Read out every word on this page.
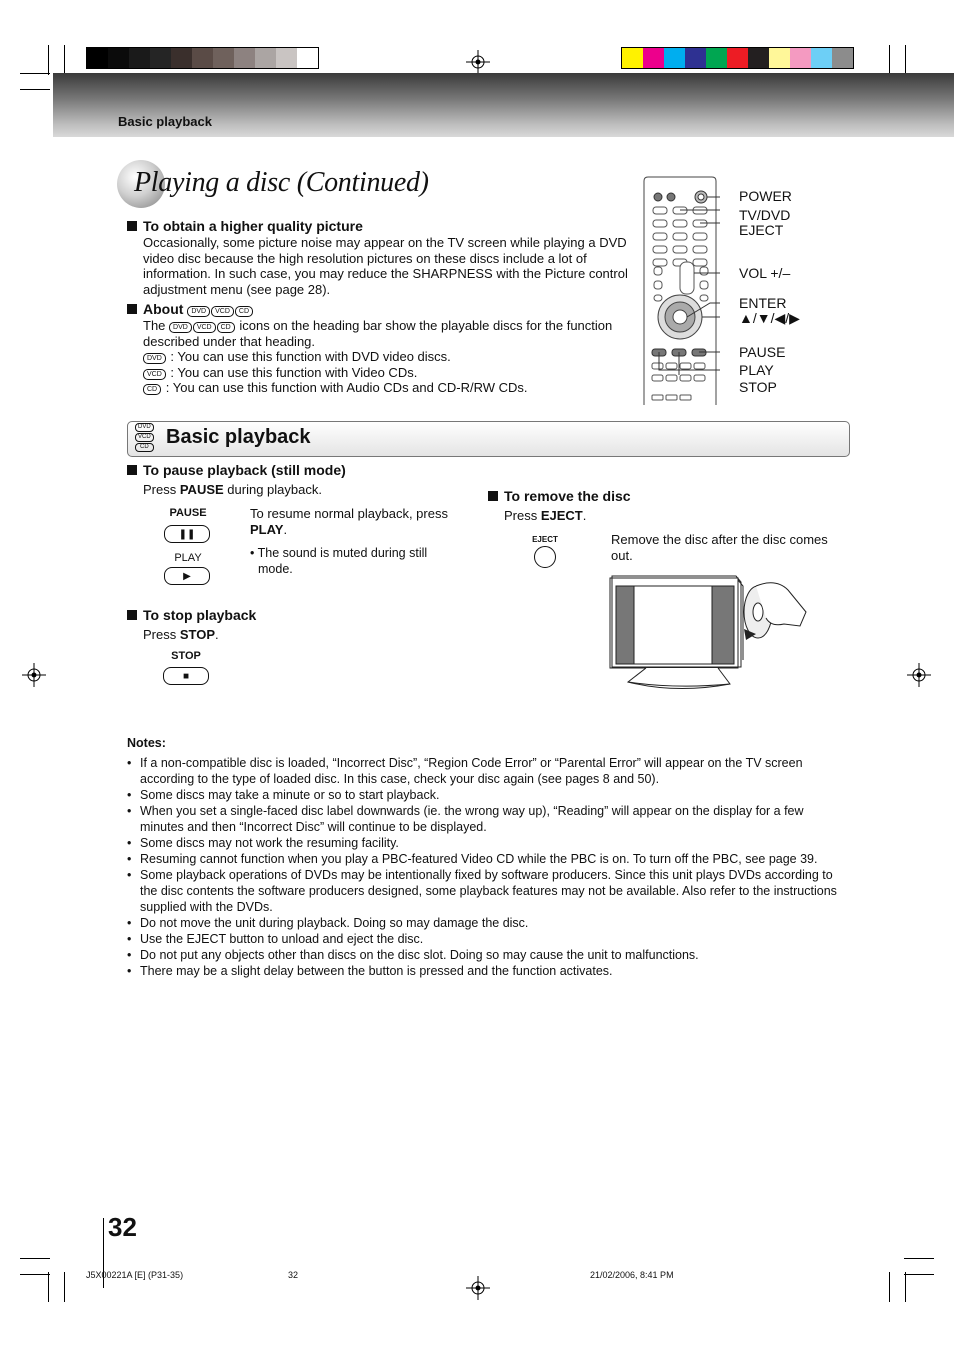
Basic playback
Playing a disc (Continued)
To obtain a higher quality picture
Occasionally, some picture noise may appear on the TV screen while playing a DVD video disc because the high resolution pictures on these discs include a lot of information. In such case, you may reduce the SHARPNESS with the Picture control adjustment menu (see page 28).
About DVD VCD CD
The DVD VCD CD icons on the heading bar show the playable discs for the function described under that heading.
DVD : You can use this function with DVD video discs.
VCD : You can use this function with Video CDs.
CD : You can use this function with Audio CDs and CD-R/RW CDs.
POWER
TV/DVD
EJECT
VOL +/–
ENTER
▲/▼/◀/▶
PAUSE
PLAY
STOP
DVD
VCD
CD Basic playback
To pause playback (still mode)
Press PAUSE during playback.
PAUSE
❚❚
PLAY
▶
To resume normal playback, press PLAY.
• The sound is muted during still mode.
To stop playback
Press STOP.
STOP
■
To remove the disc
Press EJECT.
EJECT	Remove the disc after the disc comes out.
Notes:
• If a non-compatible disc is loaded, “Incorrect Disc”, “Region Code Error” or “Parental Error” will appear on the TV screen according to the type of loaded disc. In this case, check your disc again (see pages 8 and 50).
• Some discs may take a minute or so to start playback.
• When you set a single-faced disc label downwards (ie. the wrong way up), “Reading” will appear on the display for a few minutes and then “Incorrect Disc” will continue to be displayed.
• Some discs may not work the resuming facility.
• Resuming cannot function when you play a PBC-featured Video CD while the PBC is on. To turn off the PBC, see page 39.
• Some playback operations of DVDs may be intentionally fixed by software producers. Since this unit plays DVDs according to the disc contents the software producers designed, some playback features may not be available. Also refer to the instructions supplied with the DVDs.
• Do not move the unit during playback. Doing so may damage the disc.
• Use the EJECT button to unload and eject the disc.
• Do not put any objects other than discs on the disc slot. Doing so may cause the unit to malfunctions.
• There may be a slight delay between the button is pressed and the function activates.
32
J5X00221A [E] (P31-35)	32	21/02/2006, 8:41 PM
